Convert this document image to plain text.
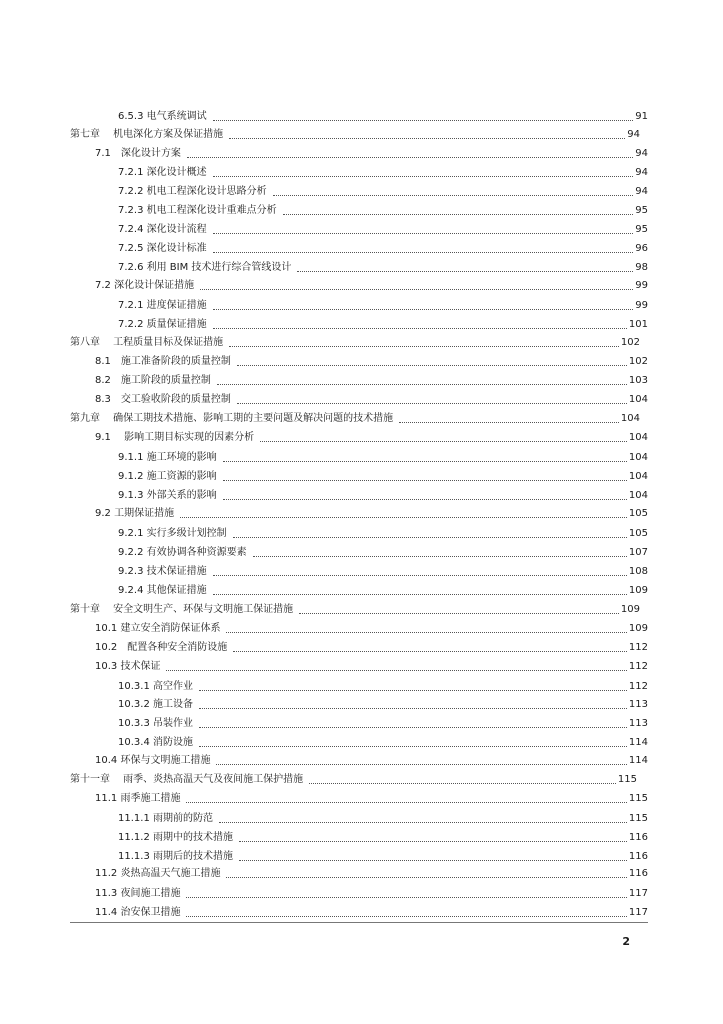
6.5.3 电气系统调试	91
第七章　 机电深化方案及保证措施	94
7.1　深化设计方案	94
7.2.1 深化设计概述	94
7.2.2 机电工程深化设计思路分析	94
7.2.3 机电工程深化设计重难点分析	95
7.2.4 深化设计流程	95
7.2.5 深化设计标准	96
7.2.6 利用 BIM 技术进行综合管线设计	98
7.2 深化设计保证措施	99
7.2.1 进度保证措施	99
7.2.2 质量保证措施	101
第八章　 工程质量目标及保证措施	102
8.1　施工准备阶段的质量控制	102
8.2　施工阶段的质量控制	103
8.3　交工验收阶段的质量控制	104
第九章　 确保工期技术措施、影响工期的主要问题及解决问题的技术措施	104
9.1　 影响工期目标实现的因素分析	104
9.1.1 施工环境的影响	104
9.1.2 施工资源的影响	104
9.1.3 外部关系的影响	104
9.2 工期保证措施	105
9.2.1 实行多级计划控制	105
9.2.2 有效协调各种资源要素	107
9.2.3 技术保证措施	108
9.2.4 其他保证措施	109
第十章　 安全文明生产、环保与文明施工保证措施	109
10.1 建立安全消防保证体系	109
10.2　配置各种安全消防设施	112
10.3 技术保证	112
10.3.1 高空作业	112
10.3.2 施工设备	113
10.3.3 吊装作业	113
10.3.4 消防设施	114
10.4 环保与文明施工措施	114
第十一章　 雨季、炎热高温天气及夜间施工保护措施	115
11.1 雨季施工措施	115
11.1.1 雨期前的防范	115
11.1.2 雨期中的技术措施	116
11.1.3 雨期后的技术措施	116
11.2 炎热高温天气施工措施	116
11.3 夜间施工措施	117
11.4 治安保卫措施	117
2
